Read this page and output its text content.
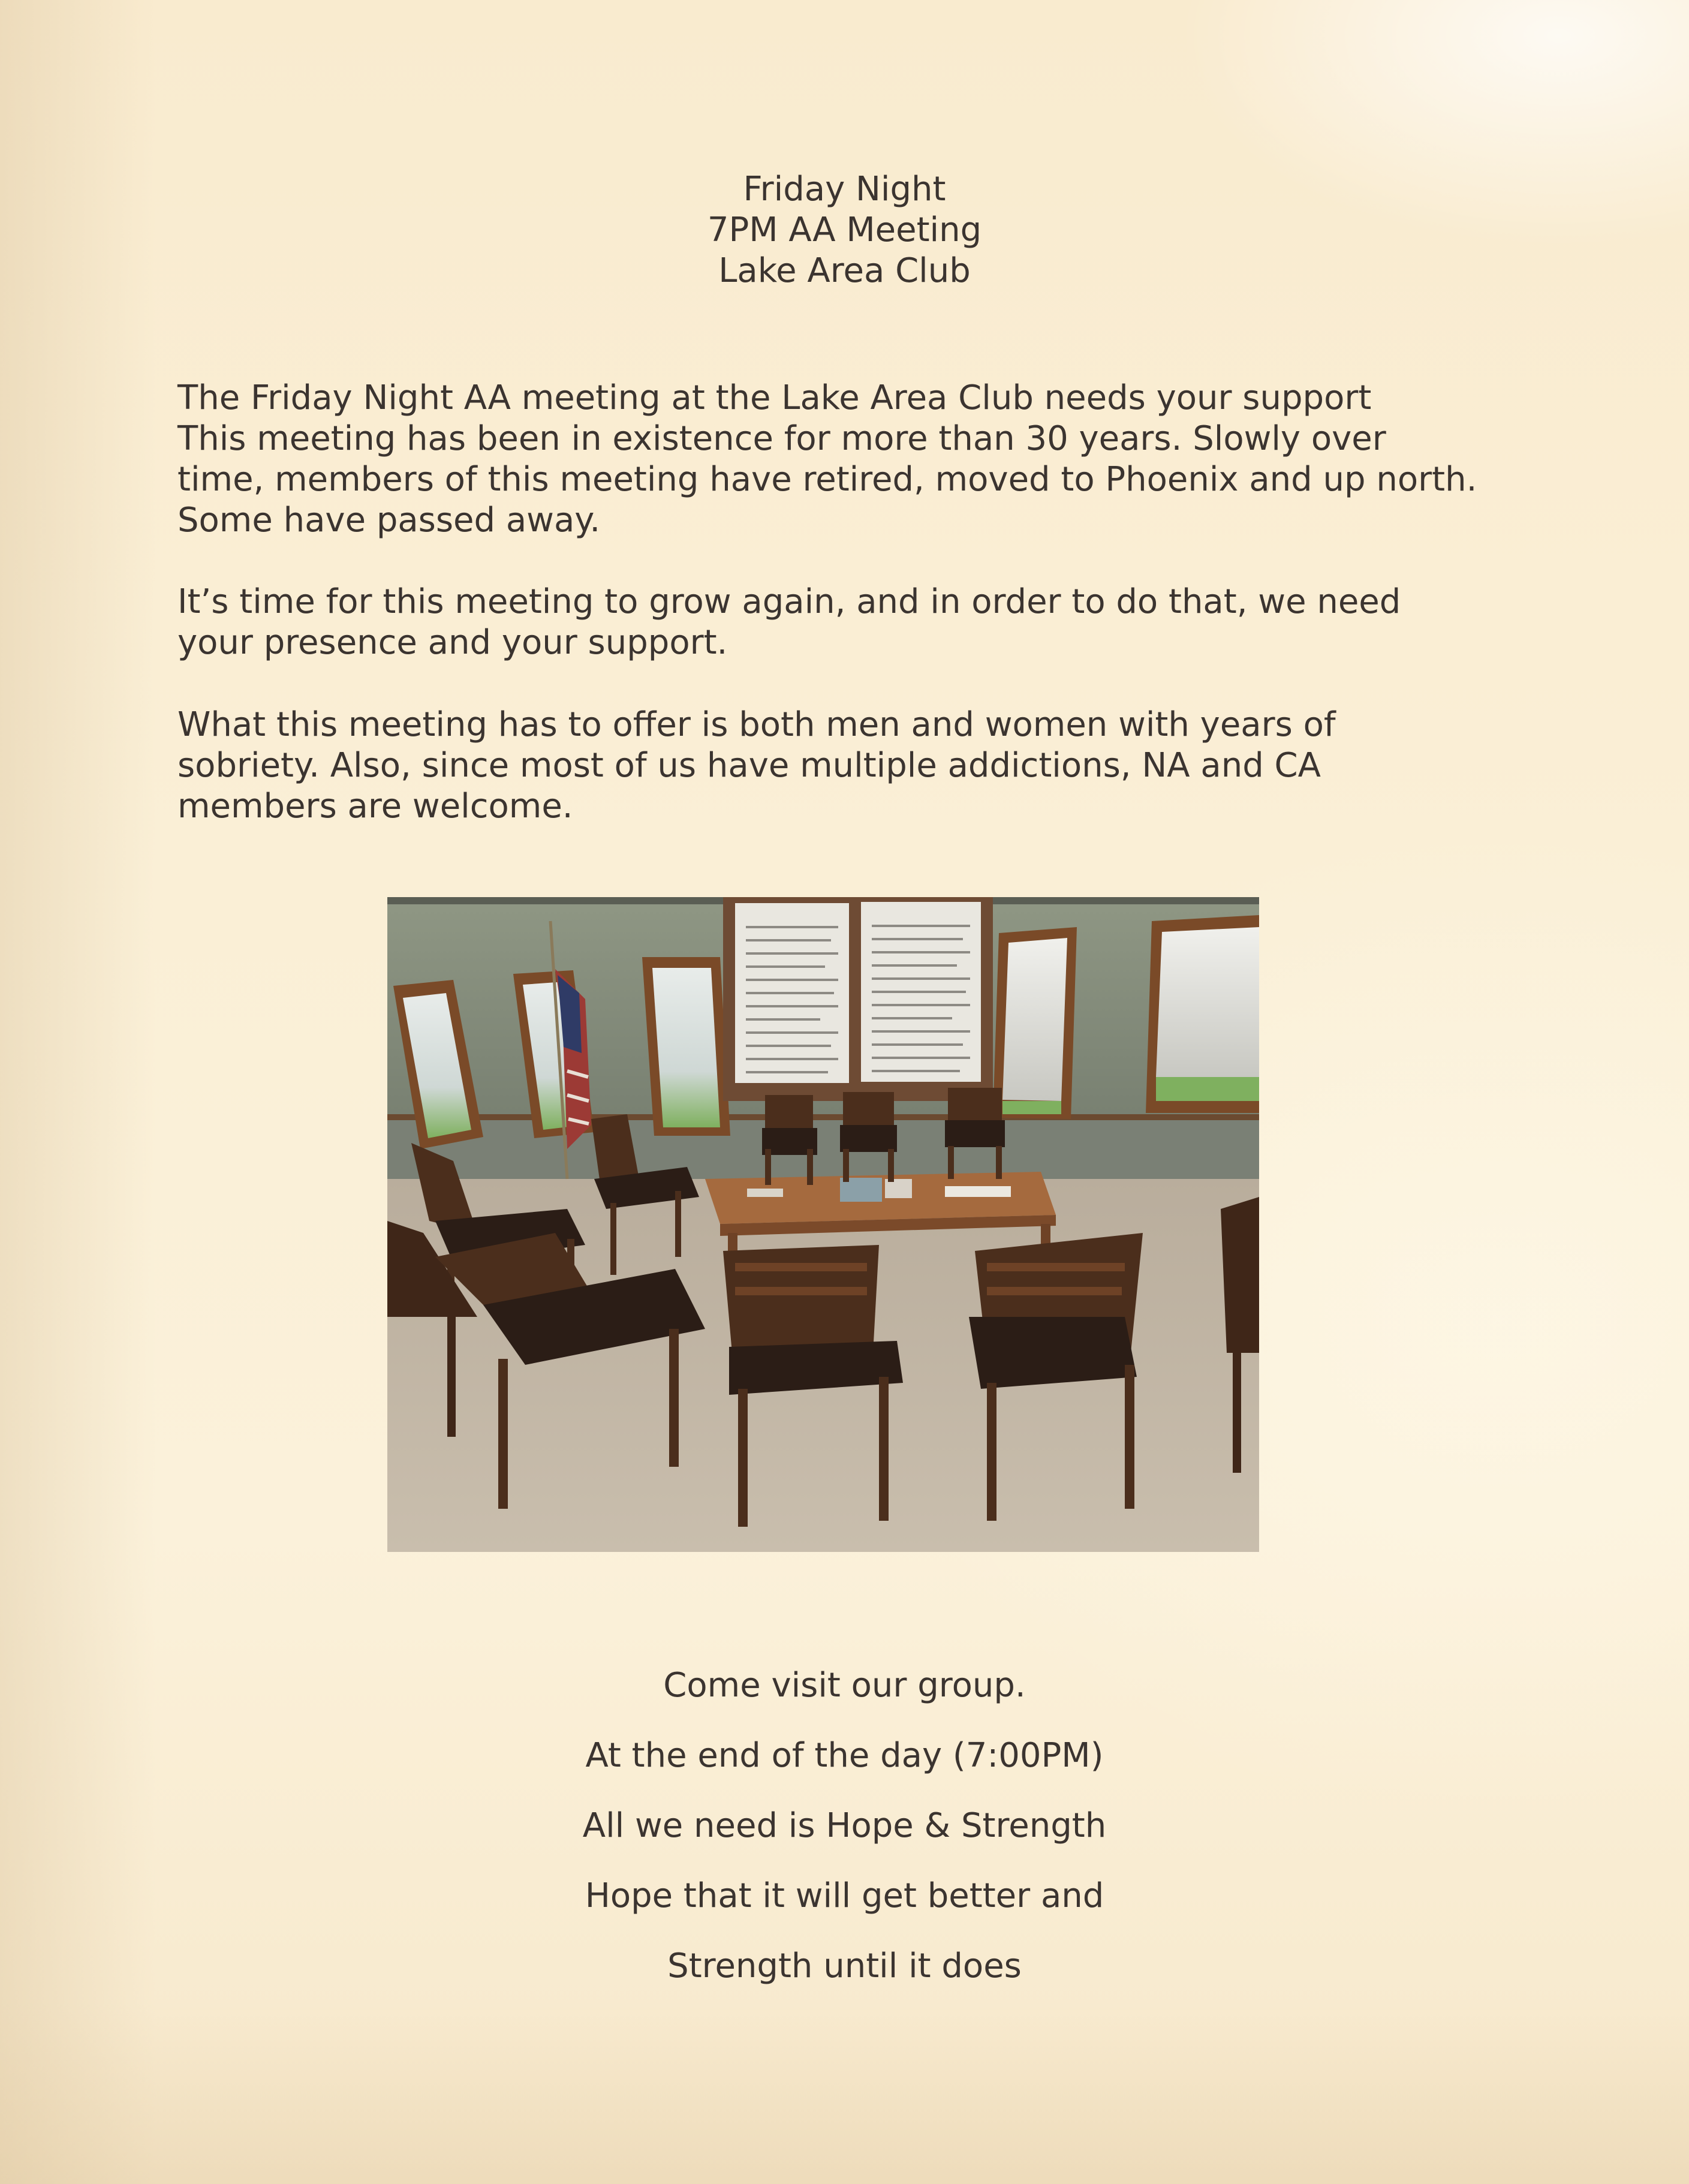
Friday Night
7PM AA Meeting
Lake Area Club
The Friday Night AA meeting at the Lake Area Club needs your support
This meeting has been in existence for more than 30 years. Slowly over
time, members of this meeting have retired, moved to Phoenix and up north.
Some have passed away.
It’s time for this meeting to grow again, and in order to do that, we need
your presence and your support.
What this meeting has to offer is both men and women with years of
sobriety. Also, since most of us have multiple addictions, NA and CA
members are welcome.
Come visit our group.
At the end of the day (7:00PM)
All we need is Hope & Strength
Hope that it will get better and
Strength until it does
